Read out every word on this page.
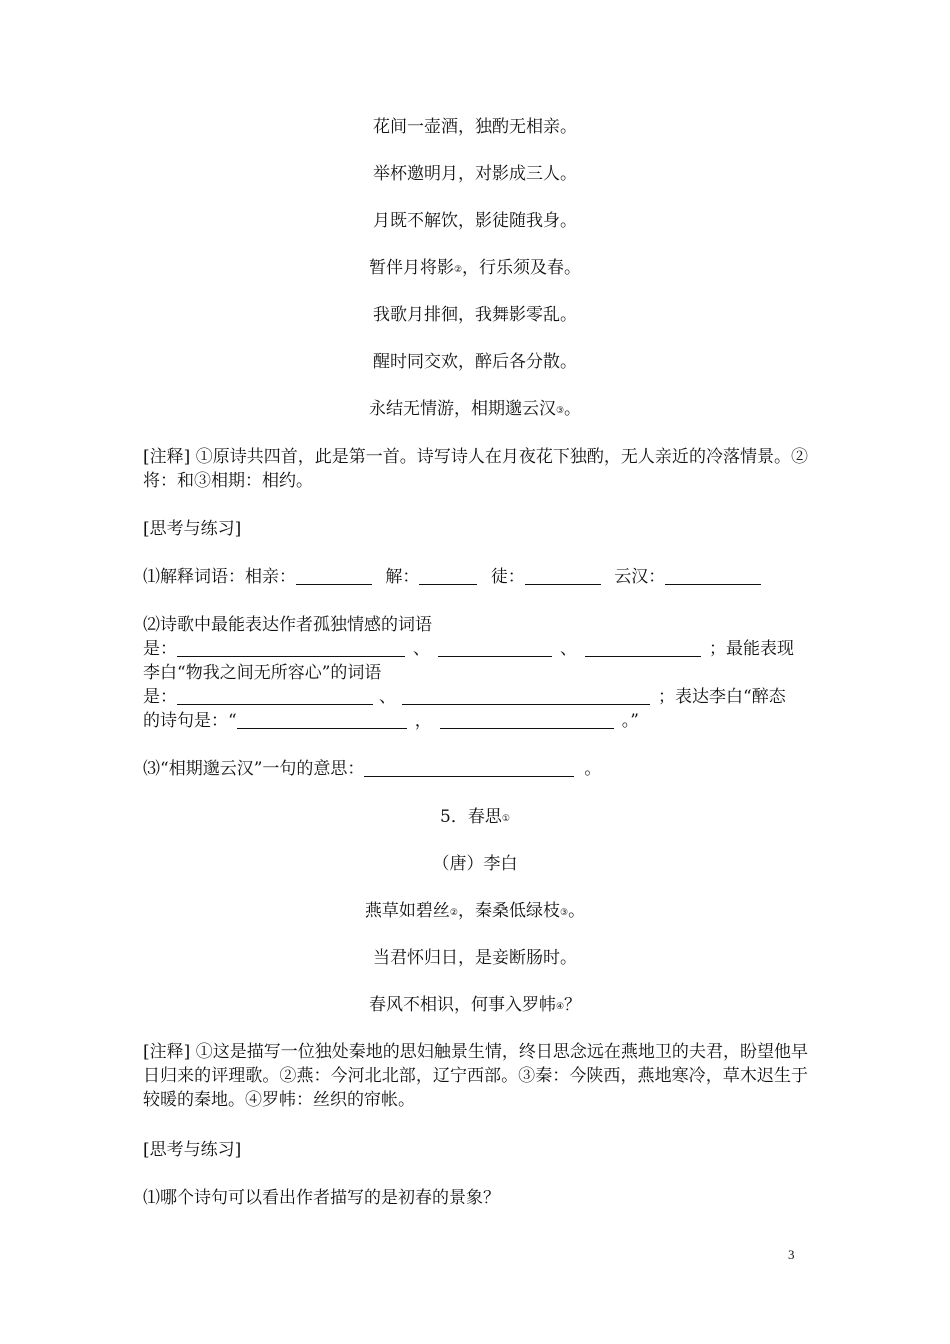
花间一壶酒，独酌无相亲。
举杯邀明月，对影成三人。
月既不解饮，影徒随我身。
暂伴月将影②，行乐须及春。
我歌月排徊，我舞影零乱。
醒时同交欢，醉后各分散。
永结无情游，相期邈云汉③。
[注释] ①原诗共四首，此是第一首。诗写诗人在月夜花下独酌，无人亲近的冷落情景。②将：和③相期：相约。
[思考与练习]
⑴解释词语：相亲：	解：	徒：	云汉：
⑵诗歌中最能表达作者孤独情感的词语
是：	、	、	；最能表现
李白“物我之间无所容心”的词语
是：	、	；表达李白“醉态
的诗句是：“	，	。”
⑶“相期邈云汉”一句的意思：	。
5．春思①
（唐）李白
燕草如碧丝②，秦桑低绿枝③。
当君怀归日，是妾断肠时。
春风不相识，何事入罗帏④？
[注释] ①这是描写一位独处秦地的思妇触景生情，终日思念远在燕地卫的夫君，盼望他早日归来的评理歌。②燕：今河北北部，辽宁西部。③秦：今陕西，燕地寒冷，草木迟生于较暖的秦地。④罗帏：丝织的帘帐。
[思考与练习]
⑴哪个诗句可以看出作者描写的是初春的景象？
3
